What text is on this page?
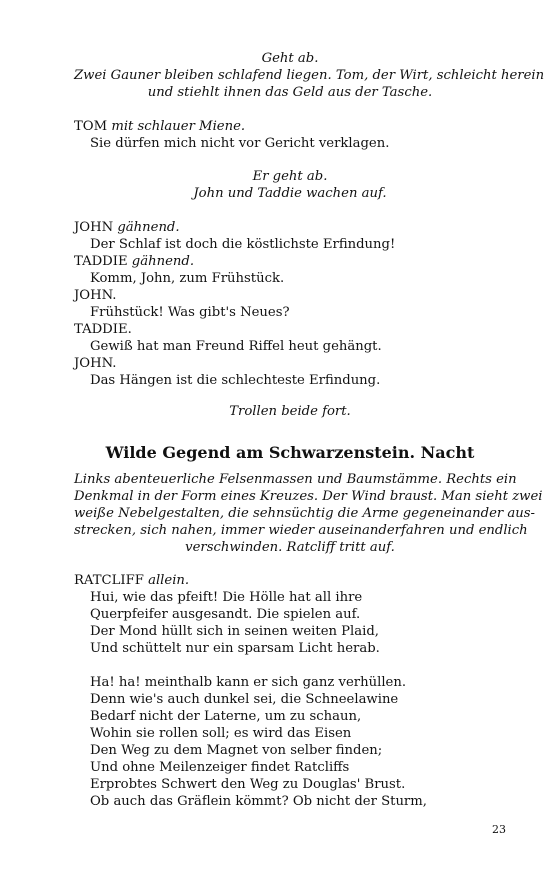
Geht ab.
Zwei Gauner bleiben schlafend liegen. Tom, der Wirt, schleicht herein
und stiehlt ihnen das Geld aus der Tasche.
TOM mit schlauer Miene.
Sie dürfen mich nicht vor Gericht verklagen.
Er geht ab.
John und Taddie wachen auf.
JOHN gähnend.
Der Schlaf ist doch die köstlichste Erfindung!
TADDIE gähnend.
Komm, John, zum Frühstück.
JOHN.
Frühstück! Was gibt's Neues?
TADDIE.
Gewiß hat man Freund Riffel heut gehängt.
JOHN.
Das Hängen ist die schlechteste Erfindung.
Trollen beide fort.
Wilde Gegend am Schwarzenstein. Nacht
Links abenteuerliche Felsenmassen und Baumstämme. Rechts ein
Denkmal in der Form eines Kreuzes. Der Wind braust. Man sieht zwei
weiße Nebelgestalten, die sehnsüchtig die Arme gegeneinander aus-
strecken, sich nahen, immer wieder auseinanderfahren und endlich
verschwinden. Ratcliff tritt auf.
RATCLIFF allein.
Hui, wie das pfeift! Die Hölle hat all ihre
Querpfeifer ausgesandt. Die spielen auf.
Der Mond hüllt sich in seinen weiten Plaid,
Und schüttelt nur ein sparsam Licht herab.
Ha! ha! meinthalb kann er sich ganz verhüllen.
Denn wie's auch dunkel sei, die Schneelawine
Bedarf nicht der Laterne, um zu schaun,
Wohin sie rollen soll; es wird das Eisen
Den Weg zu dem Magnet von selber finden;
Und ohne Meilenzeiger findet Ratcliffs
Erprobtes Schwert den Weg zu Douglas' Brust.
Ob auch das Gräflein kömmt? Ob nicht der Sturm,
23
